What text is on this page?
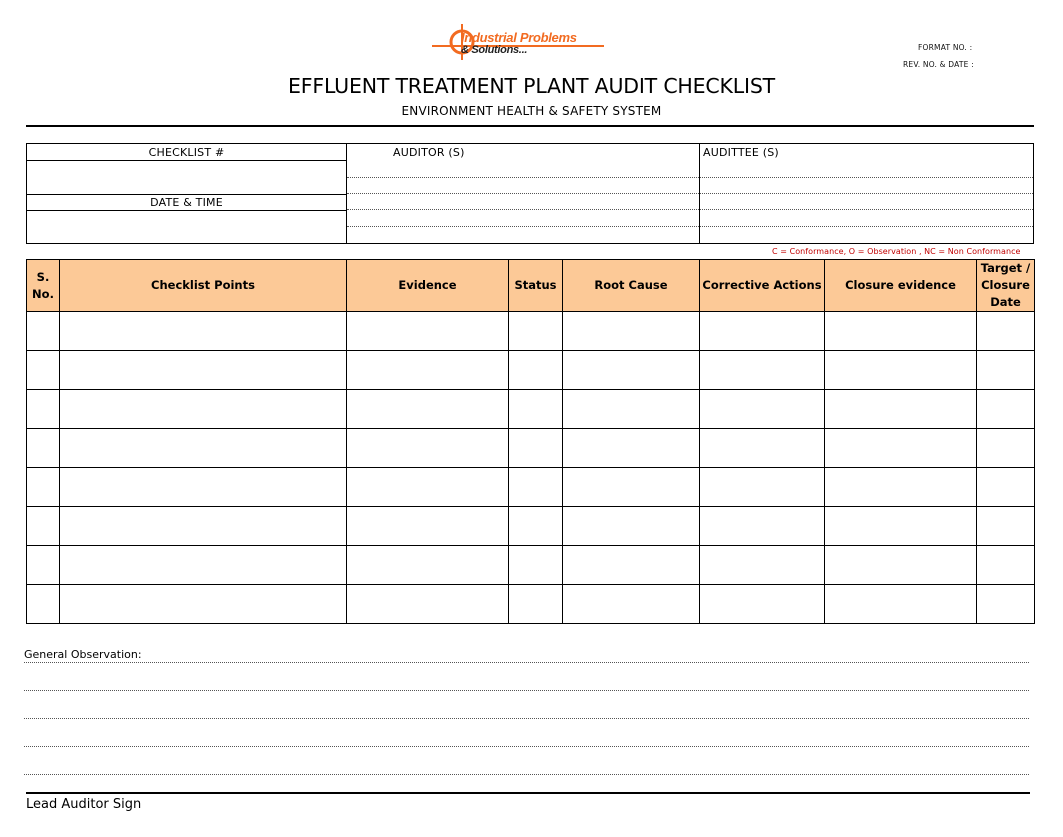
Industrial Problems
& Solutions...	FORMAT NO. :
REV. NO. & DATE :
EFFLUENT TREATMENT PLANT AUDIT CHECKLIST
ENVIRONMENT HEALTH & SAFETY SYSTEM
CHECKLIST #
DATE & TIME
AUDITOR (S)	AUDITTEE (S)
C = Conformance, O = Observation , NC = Non Conformance
S. No.	Checklist Points	Evidence	Status	Root Cause	Corrective Actions	Closure evidence	Target / Closure Date

General Observation:
Lead Auditor Sign
